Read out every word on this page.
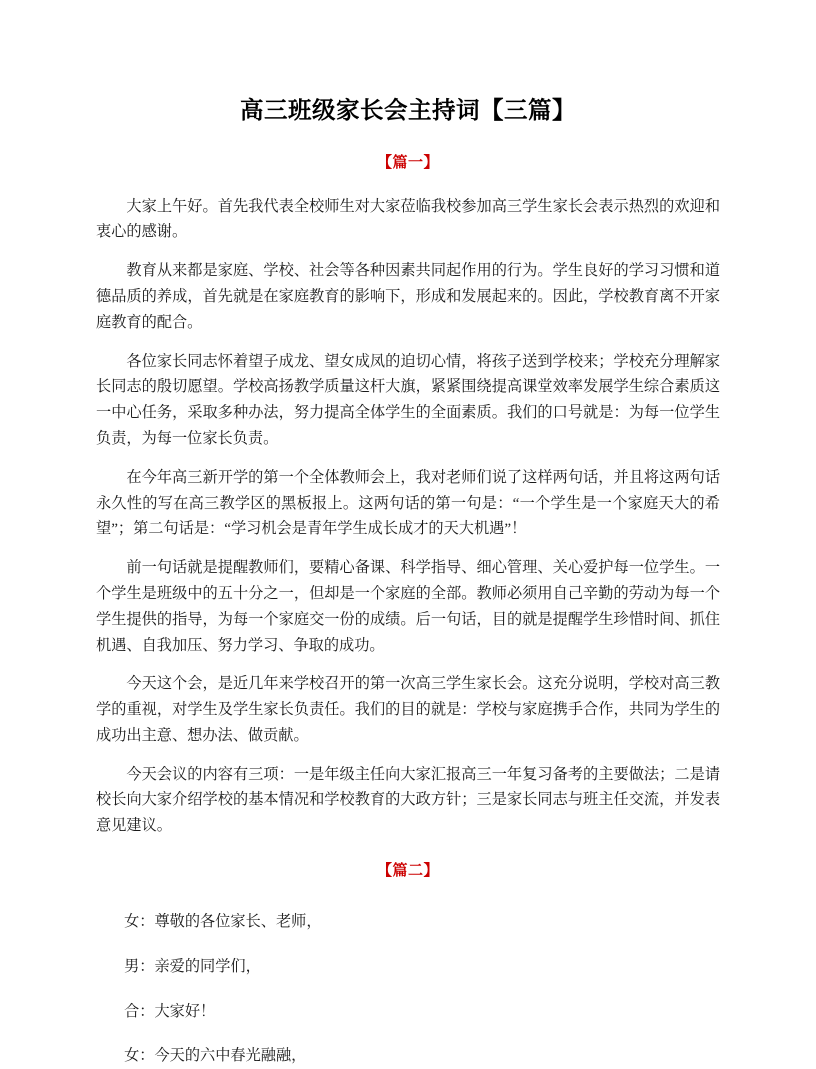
高三班级家长会主持词【三篇】
【篇一】

大家上午好。首先我代表全校师生对大家莅临我校参加高三学生家长会表示热烈的欢迎和衷心的感谢。

教育从来都是家庭、学校、社会等各种因素共同起作用的行为。学生良好的学习习惯和道德品质的养成，首先就是在家庭教育的影响下，形成和发展起来的。因此，学校教育离不开家庭教育的配合。

各位家长同志怀着望子成龙、望女成凤的迫切心情，将孩子送到学校来；学校充分理解家长同志的殷切愿望。学校高扬教学质量这杆大旗，紧紧围绕提高课堂效率发展学生综合素质这一中心任务，采取多种办法，努力提高全体学生的全面素质。我们的口号就是：为每一位学生负责，为每一位家长负责。

在今年高三新开学的第一个全体教师会上，我对老师们说了这样两句话，并且将这两句话永久性的写在高三教学区的黑板报上。这两句话的第一句是：“一个学生是一个家庭天大的希望”；第二句话是：“学习机会是青年学生成长成才的天大机遇”！

前一句话就是提醒教师们，要精心备课、科学指导、细心管理、关心爱护每一位学生。一个学生是班级中的五十分之一，但却是一个家庭的全部。教师必须用自己辛勤的劳动为每一个学生提供的指导，为每一个家庭交一份的成绩。后一句话，目的就是提醒学生珍惜时间、抓住机遇、自我加压、努力学习、争取的成功。

今天这个会，是近几年来学校召开的第一次高三学生家长会。这充分说明，学校对高三教学的重视，对学生及学生家长负责任。我们的目的就是：学校与家庭携手合作，共同为学生的成功出主意、想办法、做贡献。

今天会议的内容有三项：一是年级主任向大家汇报高三一年复习备考的主要做法；二是请校长向大家介绍学校的基本情况和学校教育的大政方针；三是家长同志与班主任交流，并发表意见建议。

【篇二】

女：尊敬的各位家长、老师，

男：亲爱的同学们，

合：大家好！

女：今天的六中春光融融，
